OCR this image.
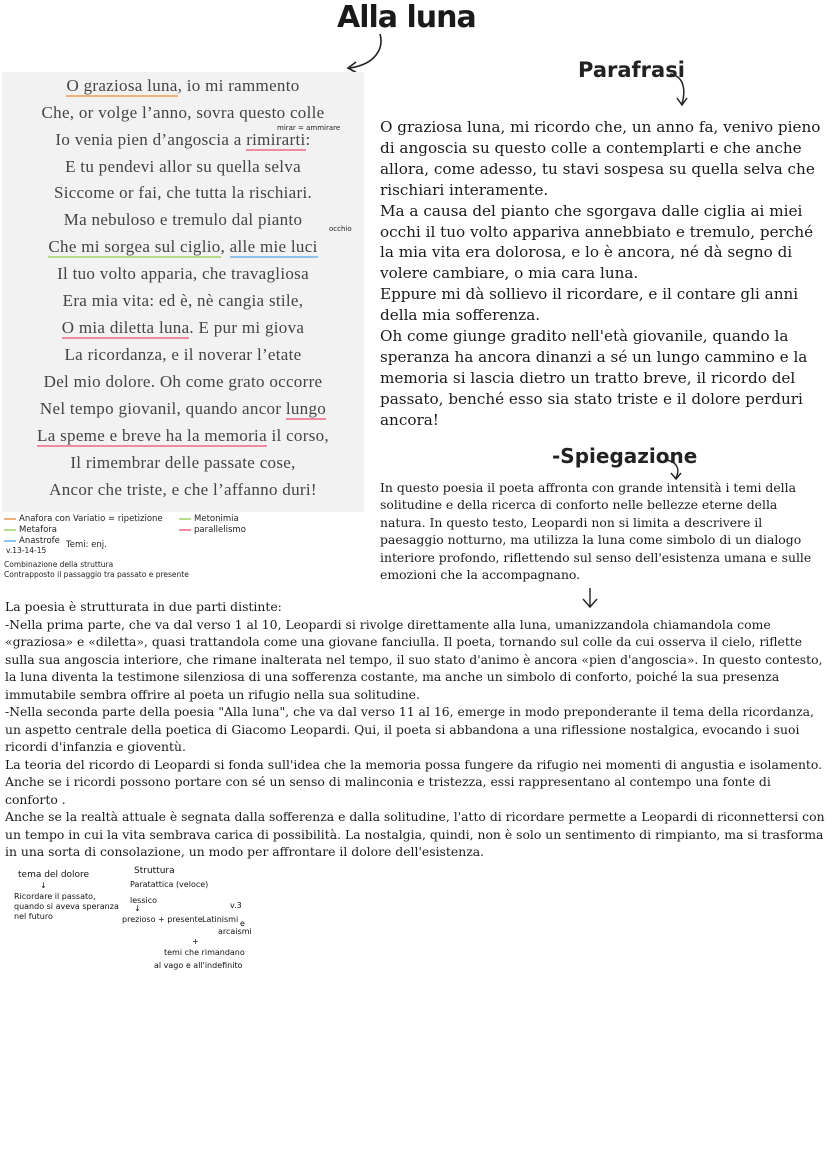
Alla luna
O graziosa luna, io mi rammento
Che, or volge l’anno, sovra questo colle
Io venia pien d’angoscia a rimirarti:
E tu pendevi allor su quella selva
Siccome or fai, che tutta la rischiari.
Ma nebuloso e tremulo dal pianto
Che mi sorgea sul ciglio, alle mie luci
Il tuo volto apparia, che travagliosa
Era mia vita: ed è, nè cangia stile,
O mia diletta luna. E pur mi giova
La ricordanza, e il noverar l’etate
Del mio dolore. Oh come grato occorre
Nel tempo giovanil, quando ancor lungo
La speme e breve ha la memoria il corso,
Il rimembrar delle passate cose,
Ancor che triste, e che l’affanno duri!
mirar = ammirare
occhio
Anafora con Variatio = ripetizione	Metonimia
Metafora	parallelismo
Anastrofe Temi: enj.
v.13-14-15
Combinazione della struttura
Contrapposto il passaggio tra passato e presente
Parafrasi

O graziosa luna, mi ricordo che, un anno fa, venivo pieno di angoscia su questo colle a contemplarti e che anche allora, come adesso, tu stavi sospesa su quella selva che rischiari interamente.

Ma a causa del pianto che sgorgava dalle ciglia ai miei occhi il tuo volto appariva annebbiato e tremulo, perché la mia vita era dolorosa, e lo è ancora, né dà segno di volere cambiare, o mia cara luna.

Eppure mi dà sollievo il ricordare, e il contare gli anni della mia sofferenza.

Oh come giunge gradito nell'età giovanile, quando la speranza ha ancora dinanzi a sé un lungo cammino e la memoria si lascia dietro un tratto breve, il ricordo del passato, benché esso sia stato triste e il dolore perduri ancora!

-Spiegazione
In questo poesia il poeta affronta con grande intensità i temi della solitudine e della ricerca di conforto nelle bellezze eterne della natura. In questo testo, Leopardi non si limita a descrivere il paesaggio notturno, ma utilizza la luna come simbolo di un dialogo interiore profondo, riflettendo sul senso dell'esistenza umana e sulle emozioni che la accompagnano.

La poesia è strutturata in due parti distinte:

-Nella prima parte, che va dal verso 1 al 10, Leopardi si rivolge direttamente alla luna, umanizzandola chiamandola come «graziosa» e «diletta», quasi trattandola come una giovane fanciulla. Il poeta, tornando sul colle da cui osserva il cielo, riflette sulla sua angoscia interiore, che rimane inalterata nel tempo, il suo stato d'animo è ancora «pien d'angoscia». In questo contesto, la luna diventa la testimone silenziosa di una sofferenza costante, ma anche un simbolo di conforto, poiché la sua presenza immutabile sembra offrire al poeta un rifugio nella sua solitudine.

-Nella seconda parte della poesia "Alla luna", che va dal verso 11 al 16, emerge in modo preponderante il tema della ricordanza, un aspetto centrale della poetica di Giacomo Leopardi. Qui, il poeta si abbandona a una riflessione nostalgica, evocando i suoi ricordi d'infanzia e gioventù.

La teoria del ricordo di Leopardi si fonda sull'idea che la memoria possa fungere da rifugio nei momenti di angustia e isolamento. Anche se i ricordi possono portare con sé un senso di malinconia e tristezza, essi rappresentano al contempo una fonte di conforto .

Anche se la realtà attuale è segnata dalla sofferenza e dalla solitudine, l'atto di ricordare permette a Leopardi di riconnettersi con un tempo in cui la vita sembrava carica di possibilità. La nostalgia, quindi, non è solo un sentimento di rimpianto, ma si trasforma in una sorta di consolazione, un modo per affrontare il dolore dell'esistenza.

tema del dolore
↓
Ricordare il passato,
quando si aveva speranza
nel futuro
Struttura
Paratattica (veloce)
lessico
↓	v.3
prezioso + presente Latinismi e
arcaismi
+
temi che rimandano
al vago e all'indefinito
